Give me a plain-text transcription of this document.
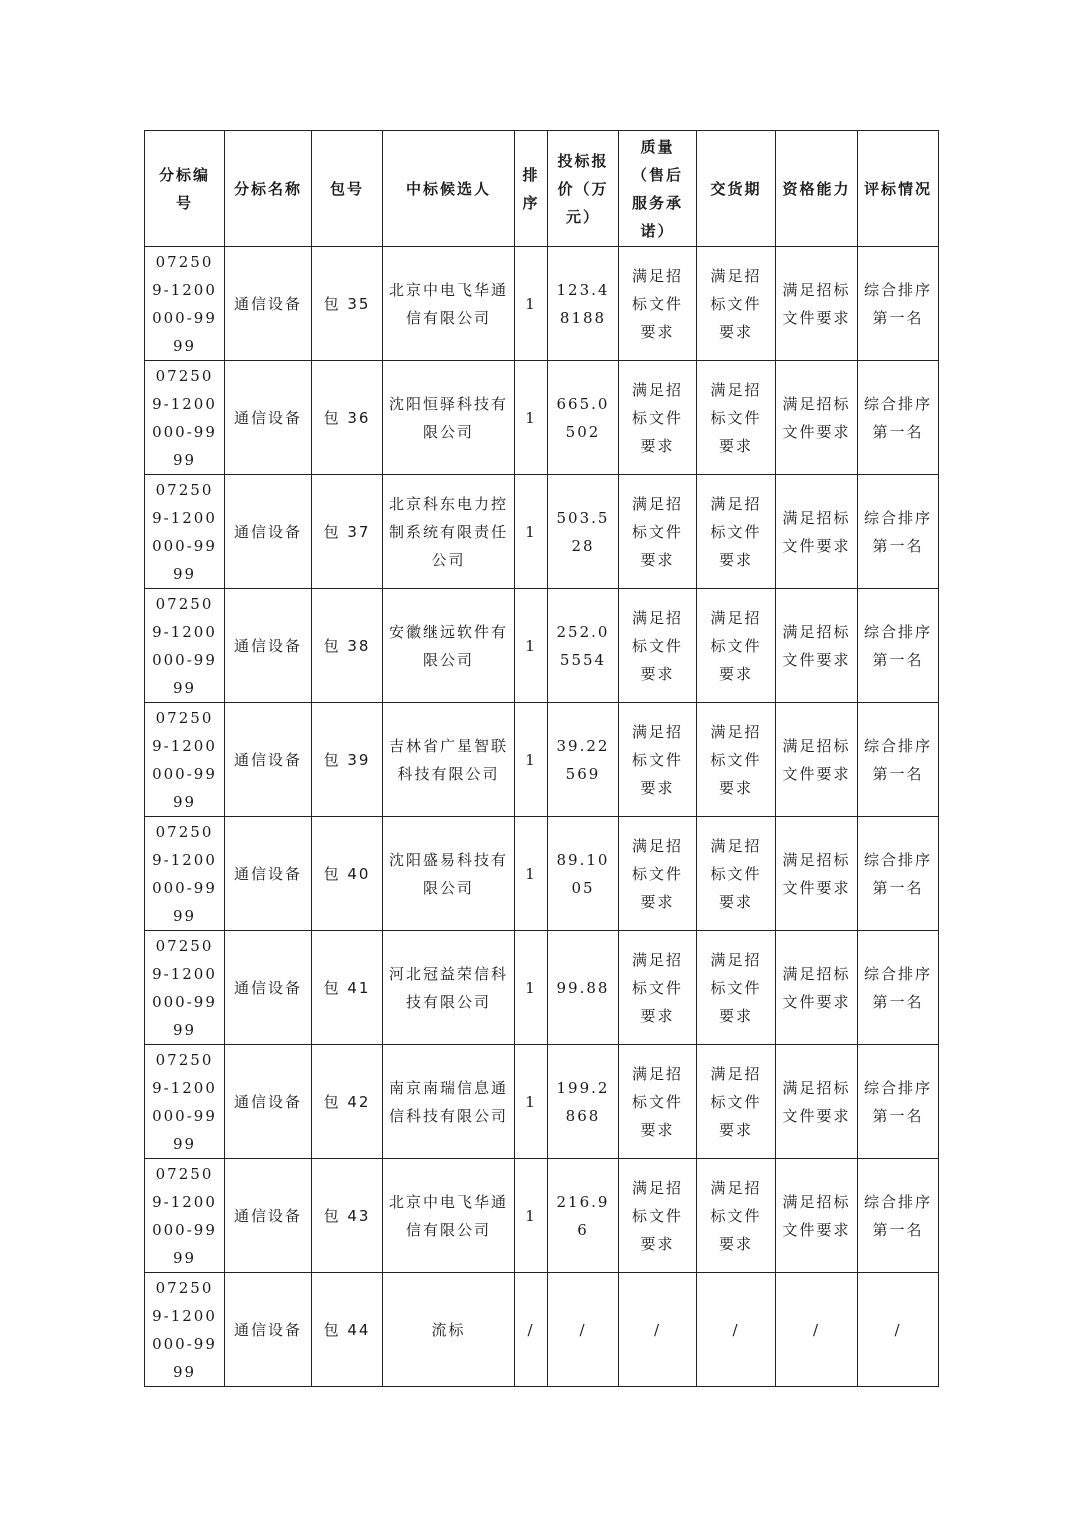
分标编号	分标名称	包号	中标候选人	排序	投标报价（万元）	质量（售后服务承诺）	交货期	资格能力	评标情况
072509-1200000-9999	通信设备	包 35	北京中电飞华通信有限公司	1	123.48188	满足招标文件要求	满足招标文件要求	满足招标文件要求	综合排序第一名
072509-1200000-9999	通信设备	包 36	沈阳恒驿科技有限公司	1	665.0502	满足招标文件要求	满足招标文件要求	满足招标文件要求	综合排序第一名
072509-1200000-9999	通信设备	包 37	北京科东电力控制系统有限责任公司	1	503.528	满足招标文件要求	满足招标文件要求	满足招标文件要求	综合排序第一名
072509-1200000-9999	通信设备	包 38	安徽继远软件有限公司	1	252.05554	满足招标文件要求	满足招标文件要求	满足招标文件要求	综合排序第一名
072509-1200000-9999	通信设备	包 39	吉林省广星智联科技有限公司	1	39.22569	满足招标文件要求	满足招标文件要求	满足招标文件要求	综合排序第一名
072509-1200000-9999	通信设备	包 40	沈阳盛易科技有限公司	1	89.1005	满足招标文件要求	满足招标文件要求	满足招标文件要求	综合排序第一名
072509-1200000-9999	通信设备	包 41	河北冠益荣信科技有限公司	1	99.88	满足招标文件要求	满足招标文件要求	满足招标文件要求	综合排序第一名
072509-1200000-9999	通信设备	包 42	南京南瑞信息通信科技有限公司	1	199.2868	满足招标文件要求	满足招标文件要求	满足招标文件要求	综合排序第一名
072509-1200000-9999	通信设备	包 43	北京中电飞华通信有限公司	1	216.96	满足招标文件要求	满足招标文件要求	满足招标文件要求	综合排序第一名
072509-1200000-9999	通信设备	包 44	流标	/	/	/	/	/	/
